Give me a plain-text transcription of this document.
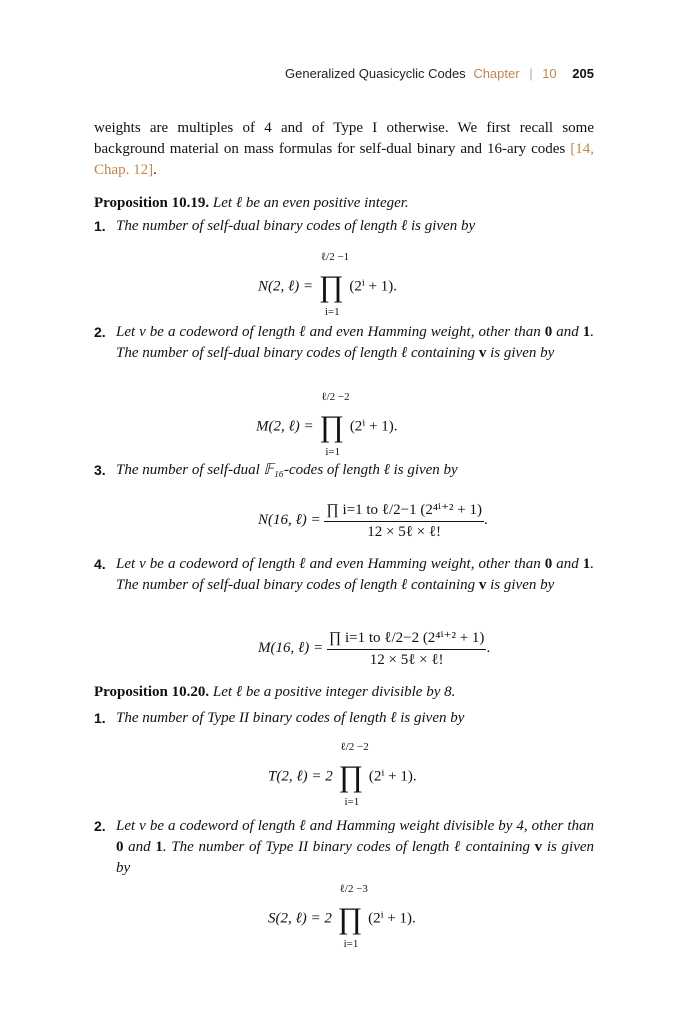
Generalized Quasicyclic Codes Chapter | 10 205
weights are multiples of 4 and of Type I otherwise. We first recall some background material on mass formulas for self-dual binary and 16-ary codes [14, Chap. 12].
Proposition 10.19. Let ℓ be an even positive integer.
1. The number of self-dual binary codes of length ℓ is given by
N(2, ℓ) = ∏
ℓ/2 −1
i=1
(2ⁱ + 1).
2. Let v be a codeword of length ℓ and even Hamming weight, other than 0 and 1. The number of self-dual binary codes of length ℓ containing v is given by
M(2, ℓ) = ∏
ℓ/2 −2
i=1
(2ⁱ + 1).
3. The number of self-dual 𝔽₁₆-codes of length ℓ is given by
N(16, ℓ) = $\frac{\text{∏ i=1 to ℓ/2−1 (2⁴ⁱ⁺² + 1)}}{\text{12 × 5ℓ × ℓ!}}$ .
4. Let v be a codeword of length ℓ and even Hamming weight, other than 0 and 1. The number of self-dual binary codes of length ℓ containing v is given by
M(16, ℓ) = $\frac{\text{∏ i=1 to ℓ/2−2 (2⁴ⁱ⁺² + 1)}}{\text{12 × 5ℓ × ℓ!}}$ .
Proposition 10.20. Let ℓ be a positive integer divisible by 8.
1. The number of Type II binary codes of length ℓ is given by
T(2, ℓ) = 2 ∏
ℓ/2 −2
i=1
(2ⁱ + 1).
2. Let v be a codeword of length ℓ and Hamming weight divisible by 4, other than 0 and 1. The number of Type II binary codes of length ℓ containing v is given by
S(2, ℓ) = 2 ∏
ℓ/2 −3
i=1
(2ⁱ + 1).
